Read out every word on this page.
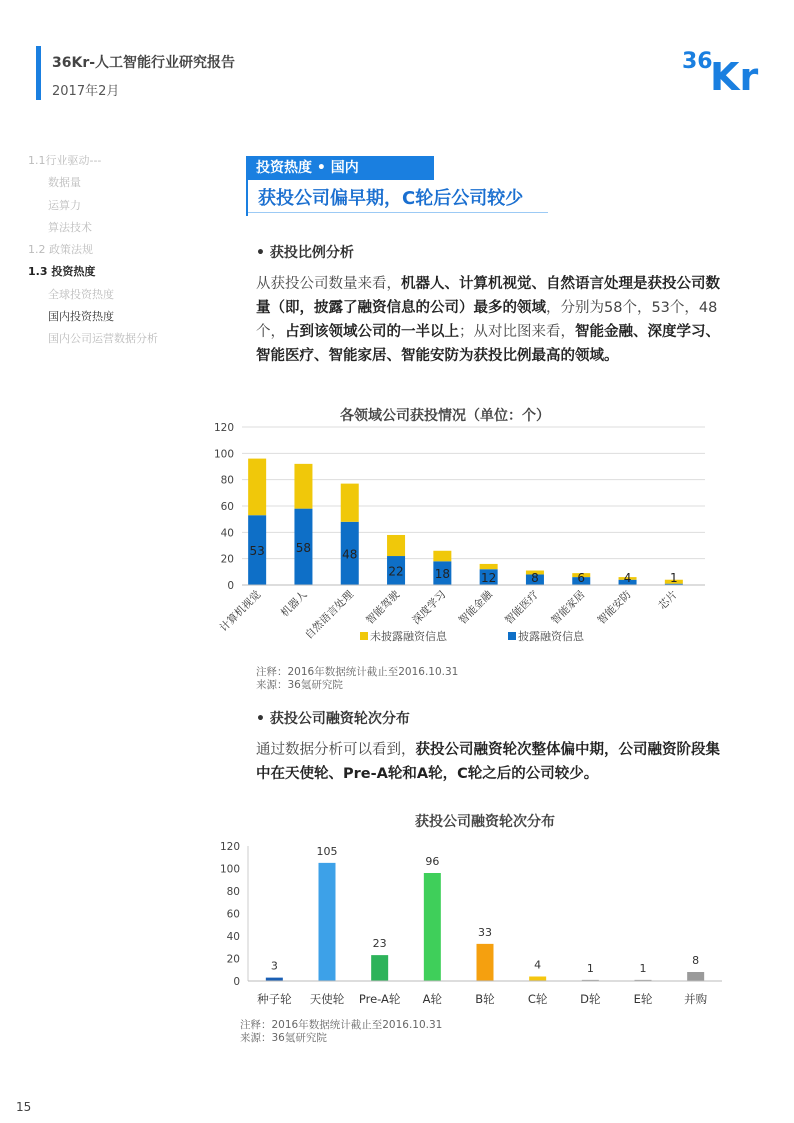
36Kr-人工智能行业研究报告
2017年2月
36
Kr
1.1行业驱动---
数据量
运算力
算法技术
1.2 政策法规
1.3 投资热度
全球投资热度
国内投资热度
国内公司运营数据分析
投资热度 • 国内
获投公司偏早期，C轮后公司较少
• 获投比例分析
从获投公司数量来看，机器人、计算机视觉、自然语言处理是获投公司数量（即，披露了融资信息的公司）最多的领域，分别为58个，53个，48个，占到该领域公司的一半以上；从对比图来看，智能金融、深度学习、智能医疗、智能家居、智能安防为获投比例最高的领域。
各领域公司获投情况（单位：个）
0
20
40
60
80
100
120
53
计算机视觉
58
机器人
48
自然语言处理
22
智能驾驶
18
深度学习
12
智能金融
8
智能医疗
6
智能家居
4
智能安防
1
芯片
未披露融资信息	披露融资信息
注释：2016年数据统计截止至2016.10.31
来源：36氪研究院
• 获投公司融资轮次分布
通过数据分析可以看到，获投公司融资轮次整体偏中期，公司融资阶段集中在天使轮、Pre-A轮和A轮，C轮之后的公司较少。
获投公司融资轮次分布
0
20
40
60
80
100
120
3
种子轮
105
天使轮
23
Pre-A轮
96
A轮
33
B轮
4
C轮
1
D轮
1
E轮
8
并购
注释：2016年数据统计截止至2016.10.31
来源：36氪研究院
15
